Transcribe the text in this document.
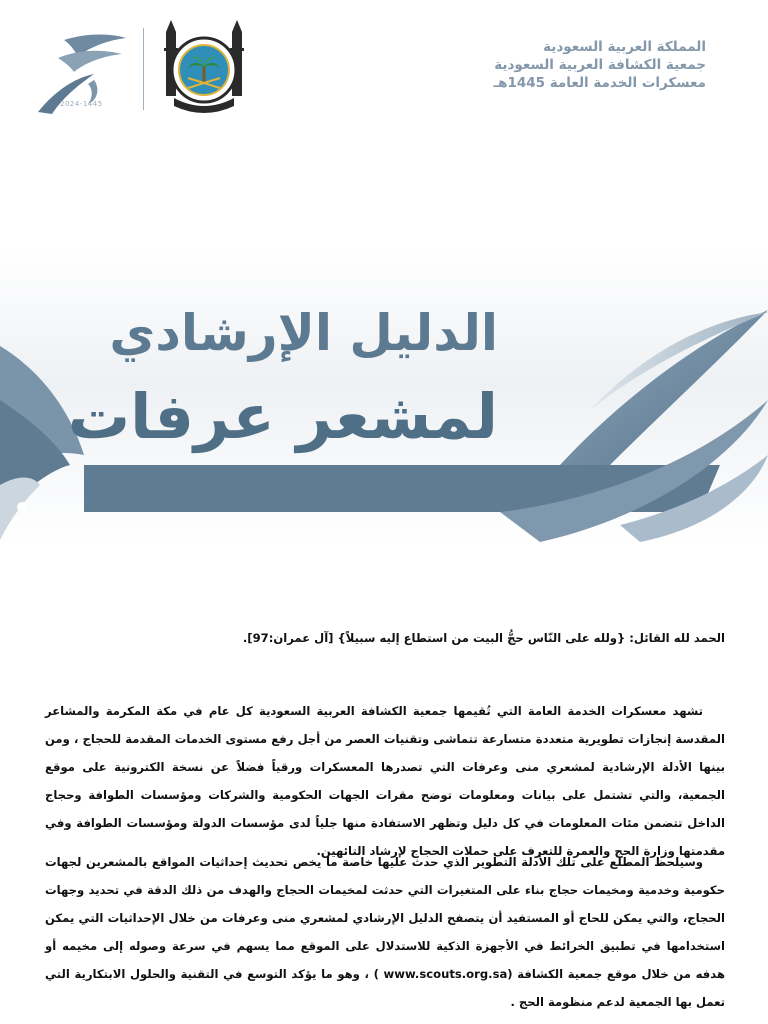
المملكة العربية السعودية
جمعية الكشافة العربية السعودية
معسكرات الخدمة العامة 1445هـ
2024-1445
الدليل الإرشادي
لمشعر عرفات
الحمد لله القائل: {ولله على النّاس حجُّ البيت من استطاع إليه سبيلاً} [آل عمران:97].

تشهد معسكرات الخدمة العامة التي تُقيمها جمعية الكشافة العربية السعودية كل عام في مكة المكرمة والمشاعر المقدسة إنجازات تطويرية متعددة متسارعة تتماشى وتقنيات العصر من أجل رفع مستوى الخدمات المقدمة للحجاج ، ومن بينها الأدلة الإرشادية لمشعري منى وعرفات التي تصدرها المعسكرات ورقياً فضلاً عن نسخة الكترونية على موقع الجمعية، والتي تشتمل على بيانات ومعلومات توضح مقرات الجهات الحكومية والشركات ومؤسسات الطوافة وحجاج الداخل تتضمن مئات المعلومات في كل دليل وتظهر الاستفادة منها جلياً لدى مؤسسات الدولة ومؤسسات الطوافة وفي مقدمتها وزارة الحج والعمرة للتعرف على حملات الحجاج لإرشاد التائهين.

وسيلحظ المطلع على تلك الأدلة التطوير الذي حدث عليها خاصة ما يخص تحديث إحداثيات المواقع بالمشعرين لجهات حكومية وخدمية ومخيمات حجاج بناء على المتغيرات التي حدثت لمخيمات الحجاج والهدف من ذلك الدقة في تحديد وجهات الحجاج، والتي يمكن للحاج أو المستفيد أن يتصفح الدليل الإرشادي لمشعري منى وعرفات من خلال الإحداثيات التي يمكن استخدامها في تطبيق الخرائط في الأجهزة الذكية للاستدلال على الموقع مما يسهم في سرعة وصوله إلى مخيمه أو هدفه من خلال موقع جمعية الكشافة (www.scouts.org.sa ) ، وهو ما يؤكد التوسع في التقنية والحلول الابتكارية التي تعمل بها الجمعية لدعم منظومة الحج .
